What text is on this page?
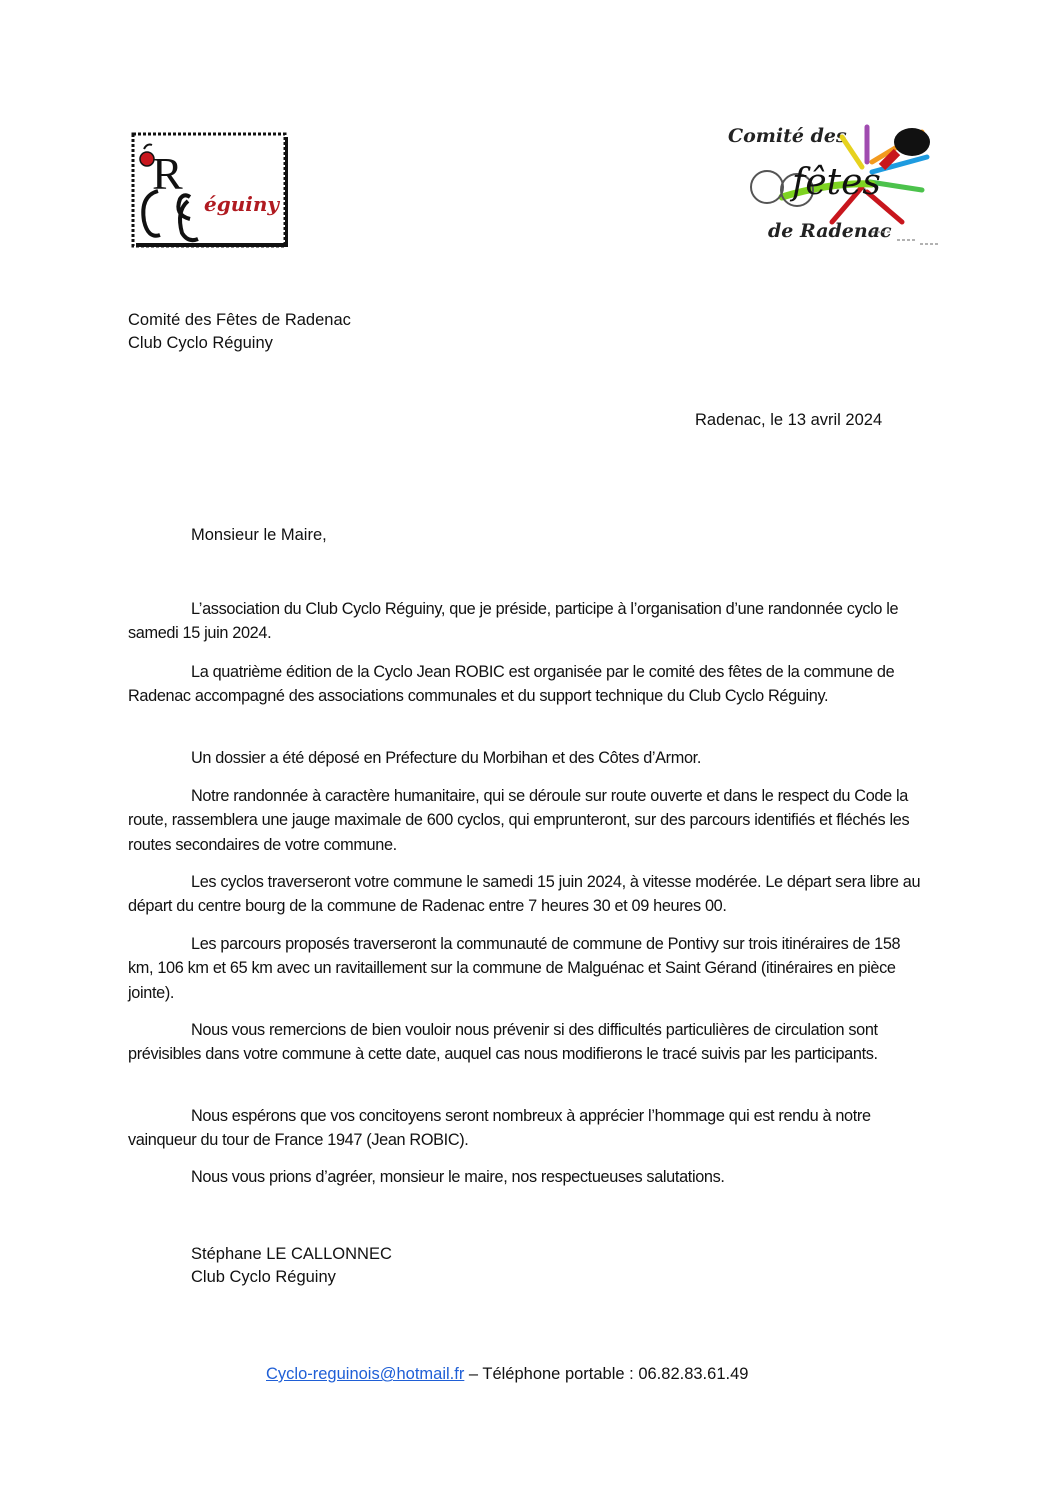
R
éguiny
Comité des
fêtes
de Radenac
Comité des Fêtes de Radenac
Club Cyclo Réguiny
Radenac, le 13 avril 2024
Monsieur le Maire,
L’association du Club Cyclo Réguiny, que je préside, participe à l’organisation d’une randonnée cyclo le samedi 15 juin 2024.
La quatrième édition de la Cyclo Jean ROBIC est organisée par le comité des fêtes de la commune de Radenac accompagné des associations communales et du support technique du Club Cyclo Réguiny.
Un dossier a été déposé en Préfecture du Morbihan et des Côtes d’Armor.
Notre randonnée à caractère humanitaire, qui se déroule sur route ouverte et dans le respect du Code la route, rassemblera une jauge maximale de 600 cyclos, qui emprunteront, sur des parcours identifiés et fléchés les routes secondaires de votre commune.
Les cyclos traverseront votre commune le samedi 15 juin 2024, à vitesse modérée. Le départ sera libre au départ du centre bourg de la commune de Radenac entre 7 heures 30 et 09 heures 00.
Les parcours proposés traverseront la communauté de commune de Pontivy sur trois itinéraires de 158 km, 106 km et 65 km avec un ravitaillement sur la commune de Malguénac et Saint Gérand (itinéraires en pièce jointe).
Nous vous remercions de bien vouloir nous prévenir si des difficultés particulières de circulation sont prévisibles dans votre commune à cette date, auquel cas nous modifierons le tracé suivis par les participants.
Nous espérons que vos concitoyens seront nombreux à apprécier l’hommage qui est rendu à notre vainqueur du tour de France 1947 (Jean ROBIC).
Nous vous prions d’agréer, monsieur le maire, nos respectueuses salutations.
Stéphane LE CALLONNEC
Club Cyclo Réguiny
Cyclo-reguinois@hotmail.fr – Téléphone portable : 06.82.83.61.49
